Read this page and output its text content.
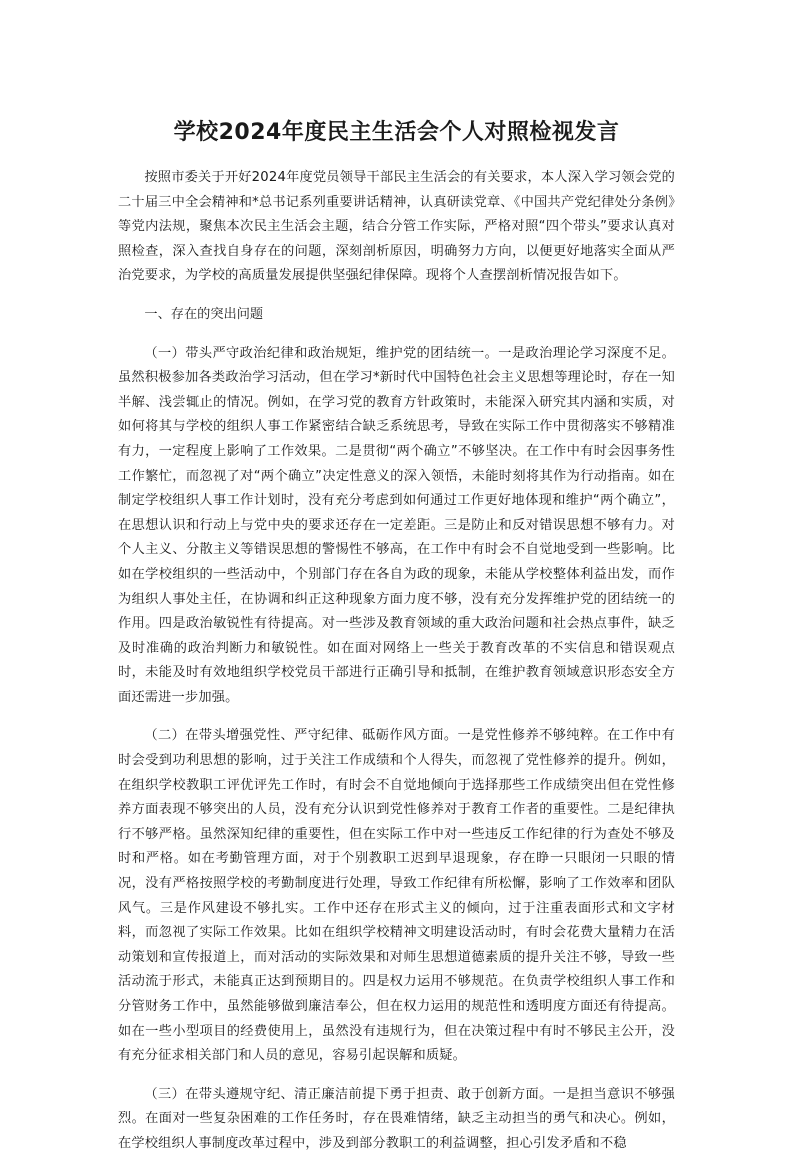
学校2024年度民主生活会个人对照检视发言

按照市委关于开好2024年度党员领导干部民主生活会的有关要求，本人深入学习领会党的二十届三中全会精神和*总书记系列重要讲话精神，认真研读党章、《中国共产党纪律处分条例》等党内法规，聚焦本次民主生活会主题，结合分管工作实际，严格对照“四个带头”要求认真对照检查，深入查找自身存在的问题，深刻剖析原因，明确努力方向，以便更好地落实全面从严治党要求，为学校的高质量发展提供坚强纪律保障。现将个人查摆剖析情况报告如下。

一、存在的突出问题

（一）带头严守政治纪律和政治规矩，维护党的团结统一。一是政治理论学习深度不足。虽然积极参加各类政治学习活动，但在学习*新时代中国特色社会主义思想等理论时，存在一知半解、浅尝辄止的情况。例如，在学习党的教育方针政策时，未能深入研究其内涵和实质，对如何将其与学校的组织人事工作紧密结合缺乏系统思考，导致在实际工作中贯彻落实不够精准有力，一定程度上影响了工作效果。二是贯彻“两个确立”不够坚决。在工作中有时会因事务性工作繁忙，而忽视了对“两个确立”决定性意义的深入领悟，未能时刻将其作为行动指南。如在制定学校组织人事工作计划时，没有充分考虑到如何通过工作更好地体现和维护“两个确立”，在思想认识和行动上与党中央的要求还存在一定差距。三是防止和反对错误思想不够有力。对个人主义、分散主义等错误思想的警惕性不够高，在工作中有时会不自觉地受到一些影响。比如在学校组织的一些活动中，个别部门存在各自为政的现象，未能从学校整体利益出发，而作为组织人事处主任，在协调和纠正这种现象方面力度不够，没有充分发挥维护党的团结统一的作用。四是政治敏锐性有待提高。对一些涉及教育领域的重大政治问题和社会热点事件，缺乏及时准确的政治判断力和敏锐性。如在面对网络上一些关于教育改革的不实信息和错误观点时，未能及时有效地组织学校党员干部进行正确引导和抵制，在维护教育领域意识形态安全方面还需进一步加强。

（二）在带头增强党性、严守纪律、砥砺作风方面。一是党性修养不够纯粹。在工作中有时会受到功利思想的影响，过于关注工作成绩和个人得失，而忽视了党性修养的提升。例如，在组织学校教职工评优评先工作时，有时会不自觉地倾向于选择那些工作成绩突出但在党性修养方面表现不够突出的人员，没有充分认识到党性修养对于教育工作者的重要性。二是纪律执行不够严格。虽然深知纪律的重要性，但在实际工作中对一些违反工作纪律的行为查处不够及时和严格。如在考勤管理方面，对于个别教职工迟到早退现象，存在睁一只眼闭一只眼的情况，没有严格按照学校的考勤制度进行处理，导致工作纪律有所松懈，影响了工作效率和团队风气。三是作风建设不够扎实。工作中还存在形式主义的倾向，过于注重表面形式和文字材料，而忽视了实际工作效果。比如在组织学校精神文明建设活动时，有时会花费大量精力在活动策划和宣传报道上，而对活动的实际效果和对师生思想道德素质的提升关注不够，导致一些活动流于形式，未能真正达到预期目的。四是权力运用不够规范。在负责学校组织人事工作和分管财务工作中，虽然能够做到廉洁奉公，但在权力运用的规范性和透明度方面还有待提高。如在一些小型项目的经费使用上，虽然没有违规行为，但在决策过程中有时不够民主公开，没有充分征求相关部门和人员的意见，容易引起误解和质疑。

（三）在带头遵规守纪、清正廉洁前提下勇于担责、敢于创新方面。一是担当意识不够强烈。在面对一些复杂困难的工作任务时，存在畏难情绪，缺乏主动担当的勇气和决心。例如，在学校组织人事制度改革过程中，涉及到部分教职工的利益调整，担心引发矛盾和不稳
